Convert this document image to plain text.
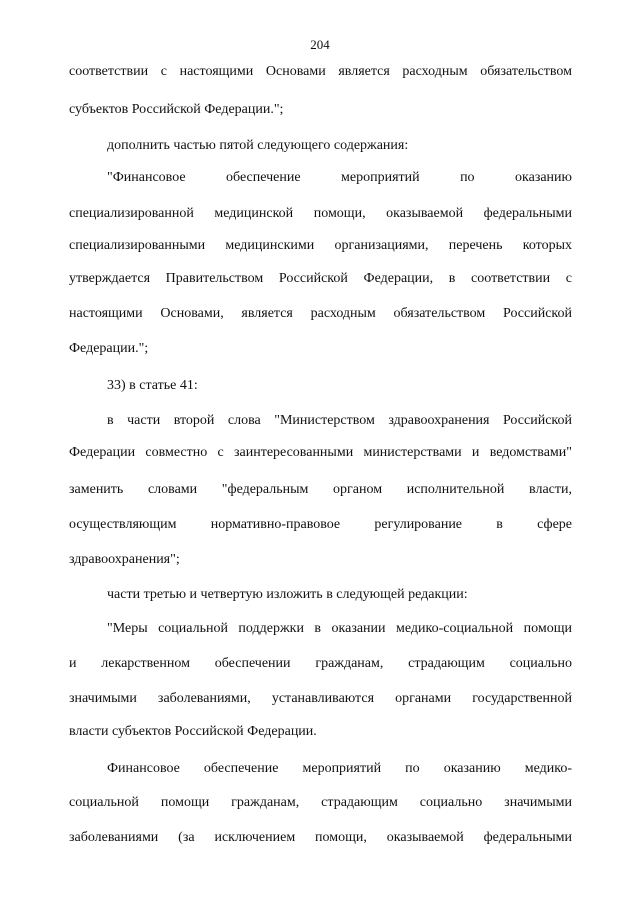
204
соответствии с настоящими Основами является расходным обязательством
субъектов Российской Федерации.";
дополнить частью пятой следующего содержания:
"Финансовое обеспечение мероприятий по оказанию
специализированной медицинской помощи, оказываемой федеральными
специализированными медицинскими организациями, перечень которых
утверждается Правительством Российской Федерации, в соответствии с
настоящими Основами, является расходным обязательством Российской
Федерации.";
33) в статье 41:
в части второй слова "Министерством здравоохранения Российской
Федерации совместно с заинтересованными министерствами и ведомствами"
заменить словами "федеральным органом исполнительной власти,
осуществляющим нормативно-правовое регулирование в сфере
здравоохранения";
части третью и четвертую изложить в следующей редакции:
"Меры социальной поддержки в оказании медико-социальной помощи
и лекарственном обеспечении гражданам, страдающим социально
значимыми заболеваниями, устанавливаются органами государственной
власти субъектов Российской Федерации.
Финансовое обеспечение мероприятий по оказанию медико-
социальной помощи гражданам, страдающим социально значимыми
заболеваниями (за исключением помощи, оказываемой федеральными
